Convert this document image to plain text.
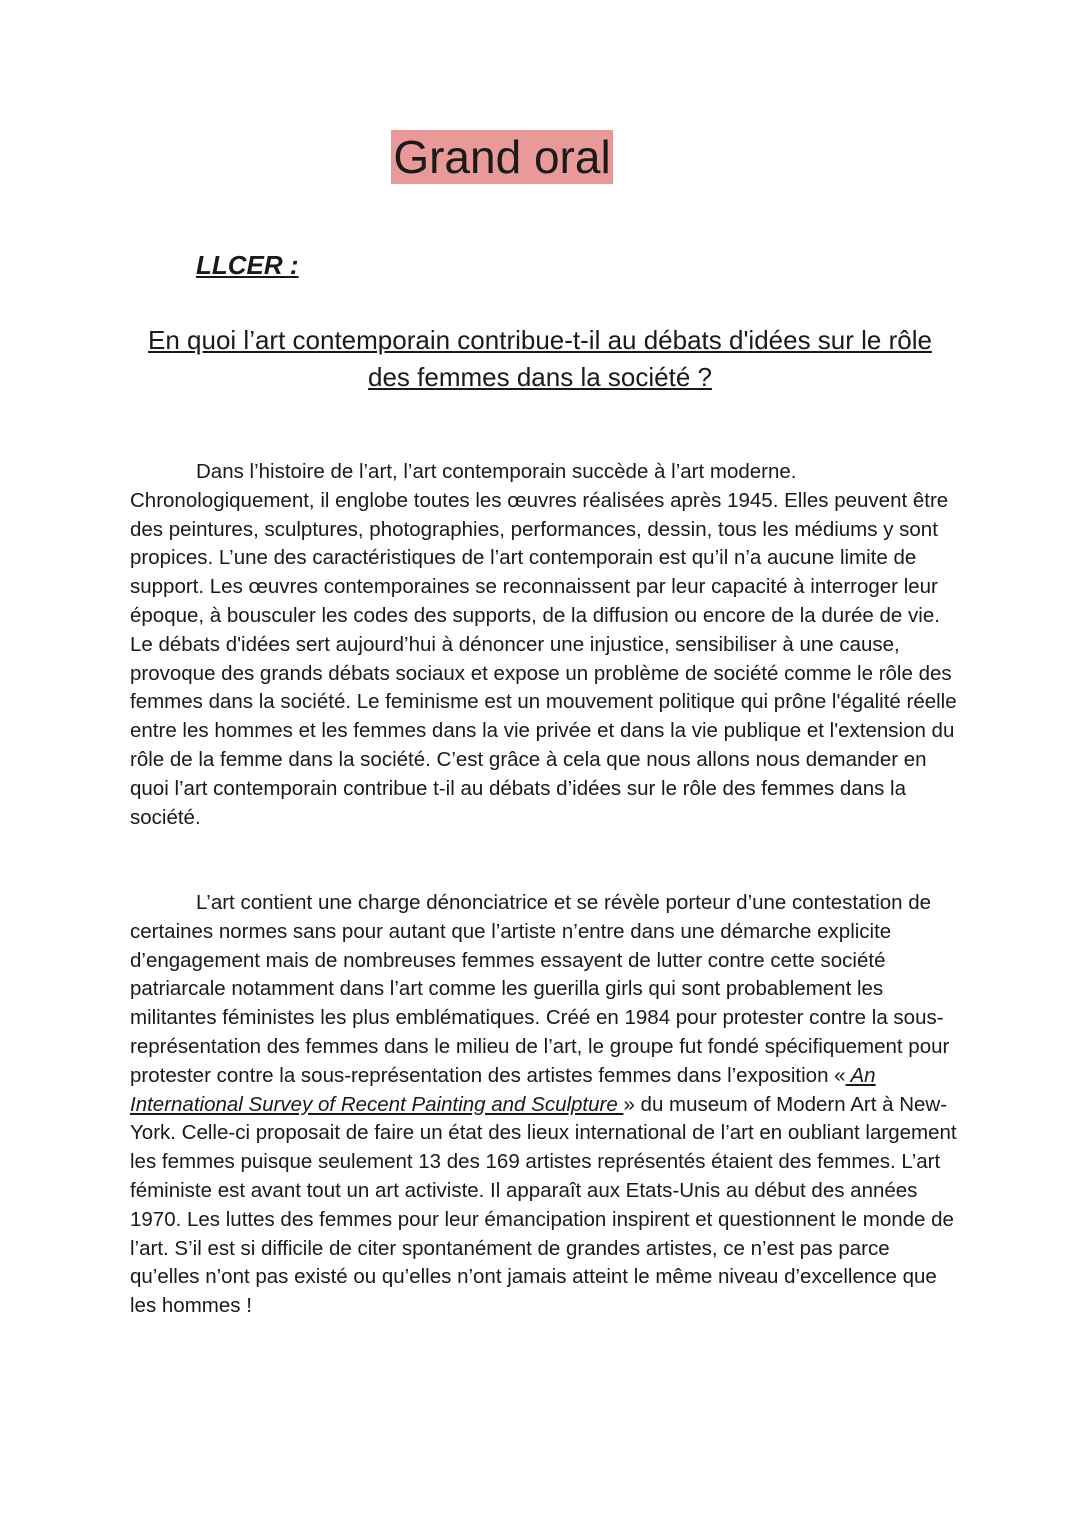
Grand oral
LLCER :
En quoi l’art contemporain contribue-t-il au débats d'idées sur le rôle des femmes dans la société ?

Dans l’histoire de l’art, l’art contemporain succède à l’art moderne. Chronologiquement, il englobe toutes les œuvres réalisées après 1945. Elles peuvent être des peintures, sculptures, photographies, performances, dessin, tous les médiums y sont propices. L’une des caractéristiques de l’art contemporain est qu’il n’a aucune limite de support. Les œuvres contemporaines se reconnaissent par leur capacité à interroger leur époque, à bousculer les codes des supports, de la diffusion ou encore de la durée de vie. Le débats d'idées sert aujourd’hui à dénoncer une injustice, sensibiliser à une cause, provoque des grands débats sociaux et expose un problème de société comme le rôle des femmes dans la société. Le feminisme est un mouvement politique qui prône l'égalité réelle entre les hommes et les femmes dans la vie privée et dans la vie publique et l'extension du rôle de la femme dans la société. C’est grâce à cela que nous allons nous demander en quoi l’art contemporain contribue t-il au débats d’idées sur le rôle des femmes dans la société.

L’art contient une charge dénonciatrice et se révèle porteur d’une contestation de certaines normes sans pour autant que l’artiste n’entre dans une démarche explicite d’engagement mais de nombreuses femmes essayent de lutter contre cette société patriarcale notamment dans l’art comme les guerilla girls qui sont probablement les militantes féministes les plus emblématiques. Créé en 1984 pour protester contre la sous-représentation des femmes dans le milieu de l’art, le groupe fut fondé spécifiquement pour protester contre la sous-représentation des artistes femmes dans l’exposition « An International Survey of Recent Painting and Sculpture » du museum of Modern Art à New-York. Celle-ci proposait de faire un état des lieux international de l’art en oubliant largement les femmes puisque seulement 13 des 169 artistes représentés étaient des femmes. L’art féministe est avant tout un art activiste. Il apparaît aux Etats-Unis au début des années 1970. Les luttes des femmes pour leur émancipation inspirent et questionnent le monde de l’art. S’il est si difficile de citer spontanément de grandes artistes, ce n’est pas parce qu’elles n’ont pas existé ou qu’elles n’ont jamais atteint le même niveau d’excellence que les hommes !
